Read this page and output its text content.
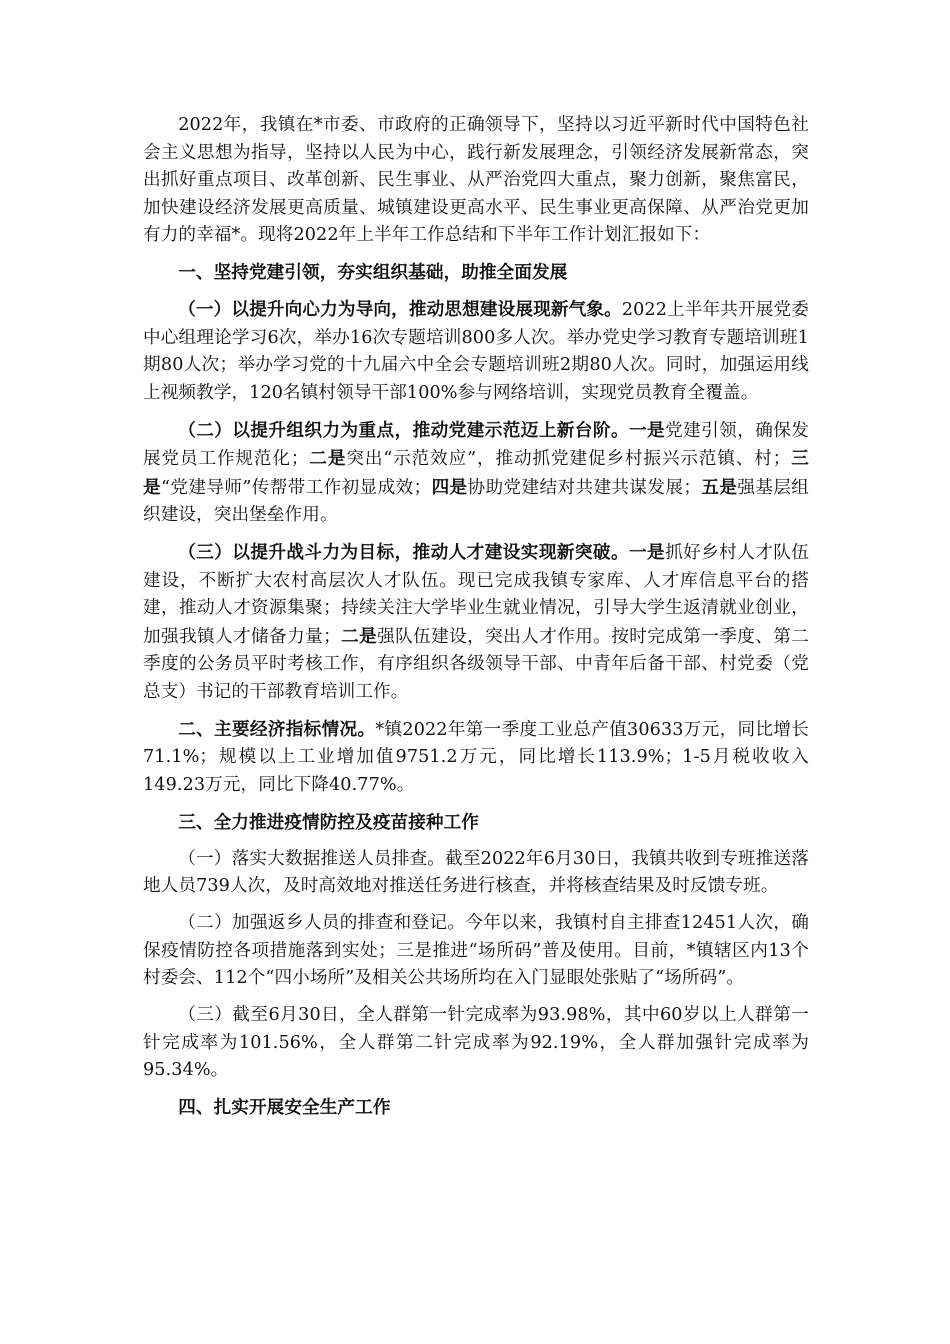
2022年，我镇在*市委、市政府的正确领导下，坚持以习近平新时代中国特色社会主义思想为指导，坚持以人民为中心，践行新发展理念，引领经济发展新常态，突出抓好重点项目、改革创新、民生事业、从严治党四大重点，聚力创新，聚焦富民，加快建设经济发展更高质量、城镇建设更高水平、民生事业更高保障、从严治党更加有力的幸福*。现将2022年上半年工作总结和下半年工作计划汇报如下：

一、坚持党建引领，夯实组织基础，助推全面发展

（一）以提升向心力为导向，推动思想建设展现新气象。2022上半年共开展党委中心组理论学习6次，举办16次专题培训800多人次。举办党史学习教育专题培训班1期80人次；举办学习党的十九届六中全会专题培训班2期80人次。同时，加强运用线上视频教学，120名镇村领导干部100%参与网络培训，实现党员教育全覆盖。

（二）以提升组织力为重点，推动党建示范迈上新台阶。一是党建引领，确保发展党员工作规范化；二是突出“示范效应”，推动抓党建促乡村振兴示范镇、村；三是“党建导师”传帮带工作初显成效；四是协助党建结对共建共谋发展；五是强基层组织建设，突出堡垒作用。

（三）以提升战斗力为目标，推动人才建设实现新突破。一是抓好乡村人才队伍建设，不断扩大农村高层次人才队伍。现已完成我镇专家库、人才库信息平台的搭建，推动人才资源集聚；持续关注大学毕业生就业情况，引导大学生返清就业创业，加强我镇人才储备力量；二是强队伍建设，突出人才作用。按时完成第一季度、第二季度的公务员平时考核工作，有序组织各级领导干部、中青年后备干部、村党委（党总支）书记的干部教育培训工作。

二、主要经济指标情况。*镇2022年第一季度工业总产值30633万元，同比增长71.1%；规模以上工业增加值9751.2万元，同比增长113.9%；1-5月税收收入149.23万元，同比下降40.77%。

三、全力推进疫情防控及疫苗接种工作

（一）落实大数据推送人员排查。截至2022年6月30日，我镇共收到专班推送落地人员739人次，及时高效地对推送任务进行核查，并将核查结果及时反馈专班。

（二）加强返乡人员的排查和登记。今年以来，我镇村自主排查12451人次，确保疫情防控各项措施落到实处；三是推进“场所码”普及使用。目前，*镇辖区内13个村委会、112个“四小场所”及相关公共场所均在入门显眼处张贴了“场所码”。

（三）截至6月30日，全人群第一针完成率为93.98%，其中60岁以上人群第一针完成率为101.56%，全人群第二针完成率为92.19%，全人群加强针完成率为95.34%。

四、扎实开展安全生产工作
